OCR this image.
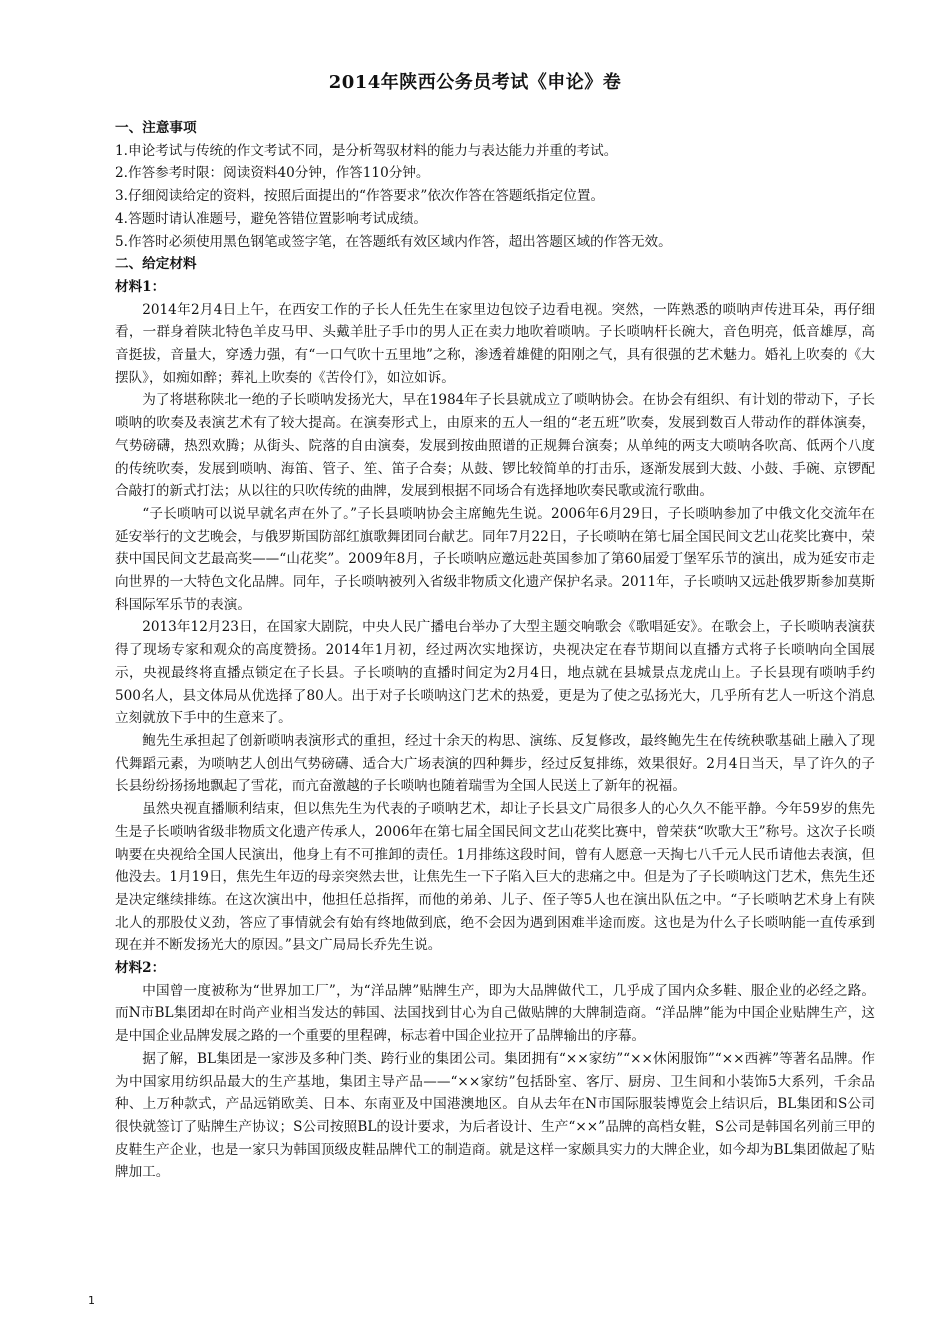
2014年陕西公务员考试《申论》卷

一、注意事项

1.申论考试与传统的作文考试不同，是分析驾驭材料的能力与表达能力并重的考试。

2.作答参考时限：阅读资料40分钟，作答110分钟。

3.仔细阅读给定的资料，按照后面提出的“作答要求”依次作答在答题纸指定位置。

4.答题时请认准题号，避免答错位置影响考试成绩。

5.作答时必须使用黑色钢笔或签字笔，在答题纸有效区域内作答，超出答题区域的作答无效。

二、给定材料

材料1：

2014年2月4日上午，在西安工作的子长人任先生在家里边包饺子边看电视。突然，一阵熟悉的唢呐声传进耳朵，再仔细看，一群身着陕北特色羊皮马甲、头戴羊肚子手巾的男人正在卖力地吹着唢呐。子长唢呐杆长碗大，音色明亮，低音雄厚，高音挺拔，音量大，穿透力强，有“一口气吹十五里地”之称，渗透着雄健的阳刚之气，具有很强的艺术魅力。婚礼上吹奏的《大摆队》，如痴如醉；葬礼上吹奏的《苦伶仃》，如泣如诉。

为了将堪称陕北一绝的子长唢呐发扬光大，早在1984年子长县就成立了唢呐协会。在协会有组织、有计划的带动下，子长唢呐的吹奏及表演艺术有了较大提高。在演奏形式上，由原来的五人一组的“老五班”吹奏，发展到数百人带动作的群体演奏，气势磅礴，热烈欢腾；从街头、院落的自由演奏，发展到按曲照谱的正规舞台演奏；从单纯的两支大唢呐各吹高、低两个八度的传统吹奏，发展到唢呐、海笛、管子、笙、笛子合奏；从鼓、锣比较简单的打击乐，逐渐发展到大鼓、小鼓、手碗、京锣配合敲打的新式打法；从以往的只吹传统的曲牌，发展到根据不同场合有选择地吹奏民歌或流行歌曲。

“子长唢呐可以说早就名声在外了。”子长县唢呐协会主席鲍先生说。2006年6月29日，子长唢呐参加了中俄文化交流年在延安举行的文艺晚会，与俄罗斯国防部红旗歌舞团同台献艺。同年7月22日，子长唢呐在第七届全国民间文艺山花奖比赛中，荣获中国民间文艺最高奖——“山花奖”。2009年8月，子长唢呐应邀远赴英国参加了第60届爱丁堡军乐节的演出，成为延安市走向世界的一大特色文化品牌。同年，子长唢呐被列入省级非物质文化遗产保护名录。2011年，子长唢呐又远赴俄罗斯参加莫斯科国际军乐节的表演。

2013年12月23日，在国家大剧院，中央人民广播电台举办了大型主题交响歌会《歌唱延安》。在歌会上，子长唢呐表演获得了现场专家和观众的高度赞扬。2014年1月初，经过两次实地探访，央视决定在春节期间以直播方式将子长唢呐向全国展示，央视最终将直播点锁定在子长县。子长唢呐的直播时间定为2月4日，地点就在县城景点龙虎山上。子长县现有唢呐手约500名人，县文体局从优选择了80人。出于对子长唢呐这门艺术的热爱，更是为了使之弘扬光大，几乎所有艺人一听这个消息立刻就放下手中的生意来了。

鲍先生承担起了创新唢呐表演形式的重担，经过十余天的构思、演练、反复修改，最终鲍先生在传统秧歌基础上融入了现代舞蹈元素，为唢呐艺人创出气势磅礴、适合大广场表演的四种舞步，经过反复排练，效果很好。2月4日当天，旱了许久的子长县纷纷扬扬地飘起了雪花，而亢奋激越的子长唢呐也随着瑞雪为全国人民送上了新年的祝福。

虽然央视直播顺利结束，但以焦先生为代表的子唢呐艺术，却让子长县文广局很多人的心久久不能平静。今年59岁的焦先生是子长唢呐省级非物质文化遗产传承人，2006年在第七届全国民间文艺山花奖比赛中，曾荣获“吹歌大王”称号。这次子长唢呐要在央视给全国人民演出，他身上有不可推卸的责任。1月排练这段时间，曾有人愿意一天掏七八千元人民币请他去表演，但他没去。1月19日，焦先生年迈的母亲突然去世，让焦先生一下子陷入巨大的悲痛之中。但是为了子长唢呐这门艺术，焦先生还是决定继续排练。在这次演出中，他担任总指挥，而他的弟弟、儿子、侄子等5人也在演出队伍之中。“子长唢呐艺术身上有陕北人的那股仗义劲，答应了事情就会有始有终地做到底，绝不会因为遇到困难半途而废。这也是为什么子长唢呐能一直传承到现在并不断发扬光大的原因。”县文广局局长乔先生说。

材料2：

中国曾一度被称为“世界加工厂”，为“洋品牌”贴牌生产，即为大品牌做代工，几乎成了国内众多鞋、服企业的必经之路。而N市BL集团却在时尚产业相当发达的韩国、法国找到甘心为自己做贴牌的大牌制造商。“洋品牌”能为中国企业贴牌生产，这是中国企业品牌发展之路的一个重要的里程碑，标志着中国企业拉开了品牌输出的序幕。

据了解，BL集团是一家涉及多种门类、跨行业的集团公司。集团拥有“××家纺”“××休闲服饰”“××西裤”等著名品牌。作为中国家用纺织品最大的生产基地，集团主导产品——“××家纺”包括卧室、客厅、厨房、卫生间和小装饰5大系列，千余品种、上万种款式，产品远销欧美、日本、东南亚及中国港澳地区。自从去年在N市国际服装博览会上结识后，BL集团和S公司很快就签订了贴牌生产协议；S公司按照BL的设计要求，为后者设计、生产“××”品牌的高档女鞋，S公司是韩国名列前三甲的皮鞋生产企业，也是一家只为韩国顶级皮鞋品牌代工的制造商。就是这样一家颇具实力的大牌企业，如今却为BL集团做起了贴牌加工。

1
